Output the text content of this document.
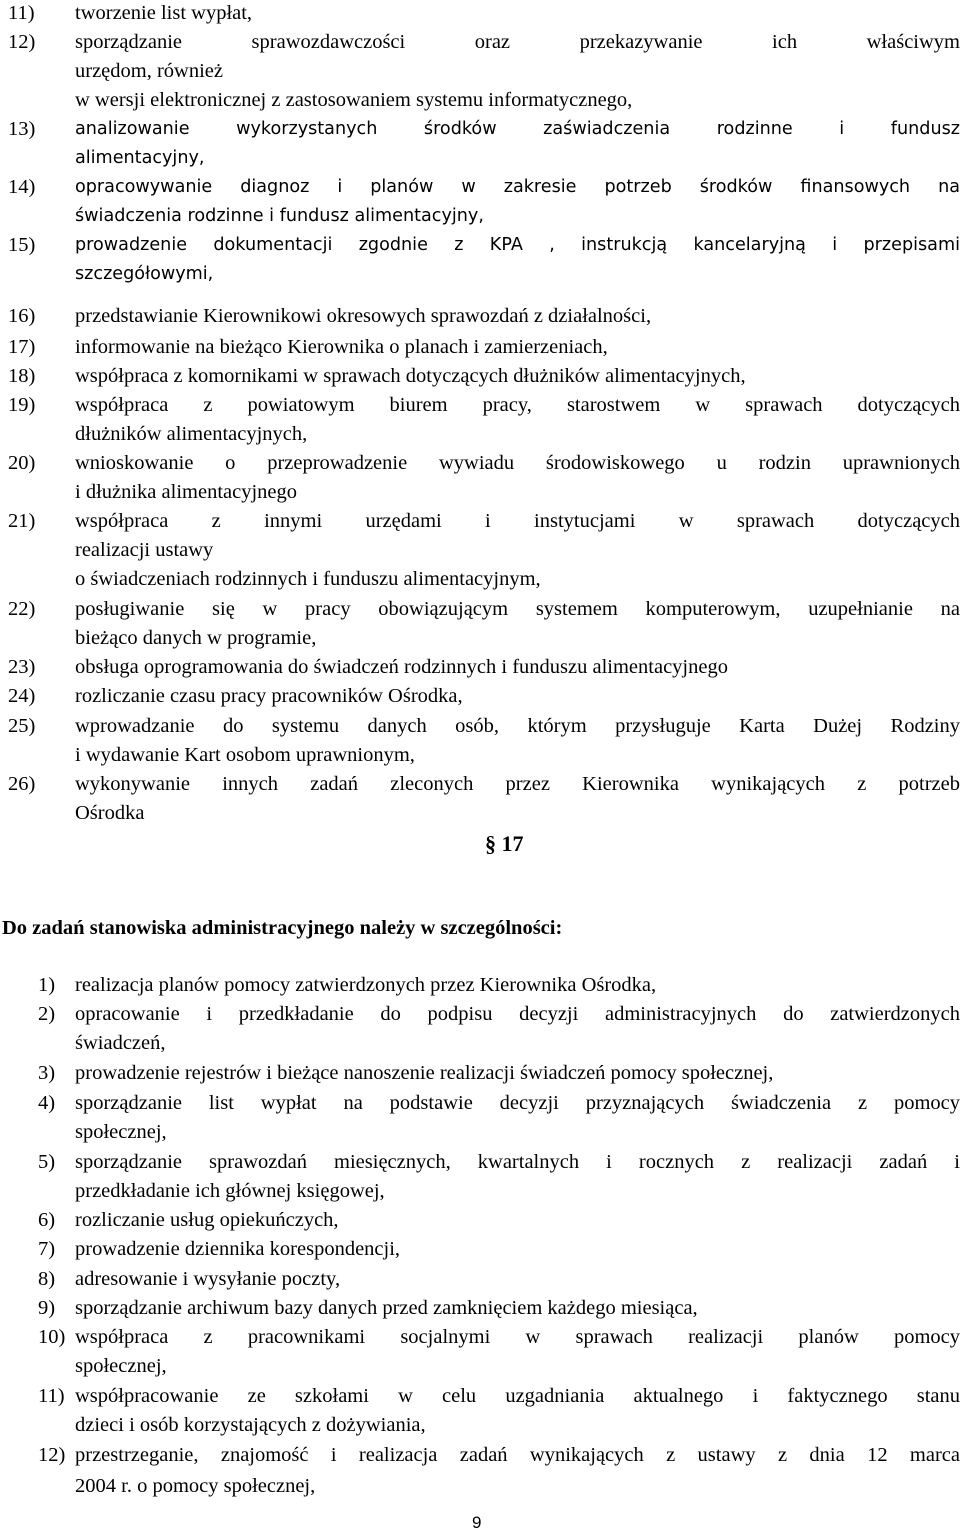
11) tworzenie list wypłat,
12) sporządzanie sprawozdawczości oraz przekazywanie ich właściwym
urzędom, również
w wersji elektronicznej z zastosowaniem systemu informatycznego,
13) analizowanie wykorzystanych środków zaświadczenia rodzinne i fundusz
alimentacyjny,
14) opracowywanie diagnoz i planów w zakresie potrzeb środków finansowych na
świadczenia rodzinne i fundusz alimentacyjny,
15) prowadzenie dokumentacji zgodnie z KPA , instrukcją kancelaryjną i przepisami
szczegółowymi,
16) przedstawianie Kierownikowi okresowych sprawozdań z działalności,
17) informowanie na bieżąco Kierownika o planach i zamierzeniach,
18) współpraca z komornikami w sprawach dotyczących dłużników alimentacyjnych,
19) współpraca z powiatowym biurem pracy, starostwem w sprawach dotyczących
dłużników alimentacyjnych,
20) wnioskowanie o przeprowadzenie wywiadu środowiskowego u rodzin uprawnionych
i dłużnika alimentacyjnego
21) współpraca z innymi urzędami i instytucjami w sprawach dotyczących
realizacji ustawy
o świadczeniach rodzinnych i funduszu alimentacyjnym,
22) posługiwanie się w pracy obowiązującym systemem komputerowym, uzupełnianie na
bieżąco danych w programie,
23) obsługa oprogramowania do świadczeń rodzinnych i funduszu alimentacyjnego
24) rozliczanie czasu pracy pracowników Ośrodka,
25) wprowadzanie do systemu danych osób, którym przysługuje Karta Dużej Rodziny
i wydawanie Kart osobom uprawnionym,
26) wykonywanie innych zadań zleconych przez Kierownika wynikających z potrzeb
Ośrodka
§ 17
Do zadań stanowiska administracyjnego należy w szczególności:
1) realizacja planów pomocy zatwierdzonych przez Kierownika Ośrodka,
2) opracowanie i przedkładanie do podpisu decyzji administracyjnych do zatwierdzonych
świadczeń,
3) prowadzenie rejestrów i bieżące nanoszenie realizacji świadczeń pomocy społecznej,
4) sporządzanie list wypłat na podstawie decyzji przyznających świadczenia z pomocy
społecznej,
5) sporządzanie sprawozdań miesięcznych, kwartalnych i rocznych z realizacji zadań i
przedkładanie ich głównej księgowej,
6) rozliczanie usług opiekuńczych,
7) prowadzenie dziennika korespondencji,
8) adresowanie i wysyłanie poczty,
9) sporządzanie archiwum bazy danych przed zamknięciem każdego miesiąca,
10) współpraca z pracownikami socjalnymi w sprawach realizacji planów pomocy
społecznej,
11) współpracowanie ze szkołami w celu uzgadniania aktualnego i faktycznego stanu
dzieci i osób korzystających z dożywiania,
12) przestrzeganie, znajomość i realizacja zadań wynikających z ustawy z dnia 12 marca
2004 r. o pomocy społecznej,
9
